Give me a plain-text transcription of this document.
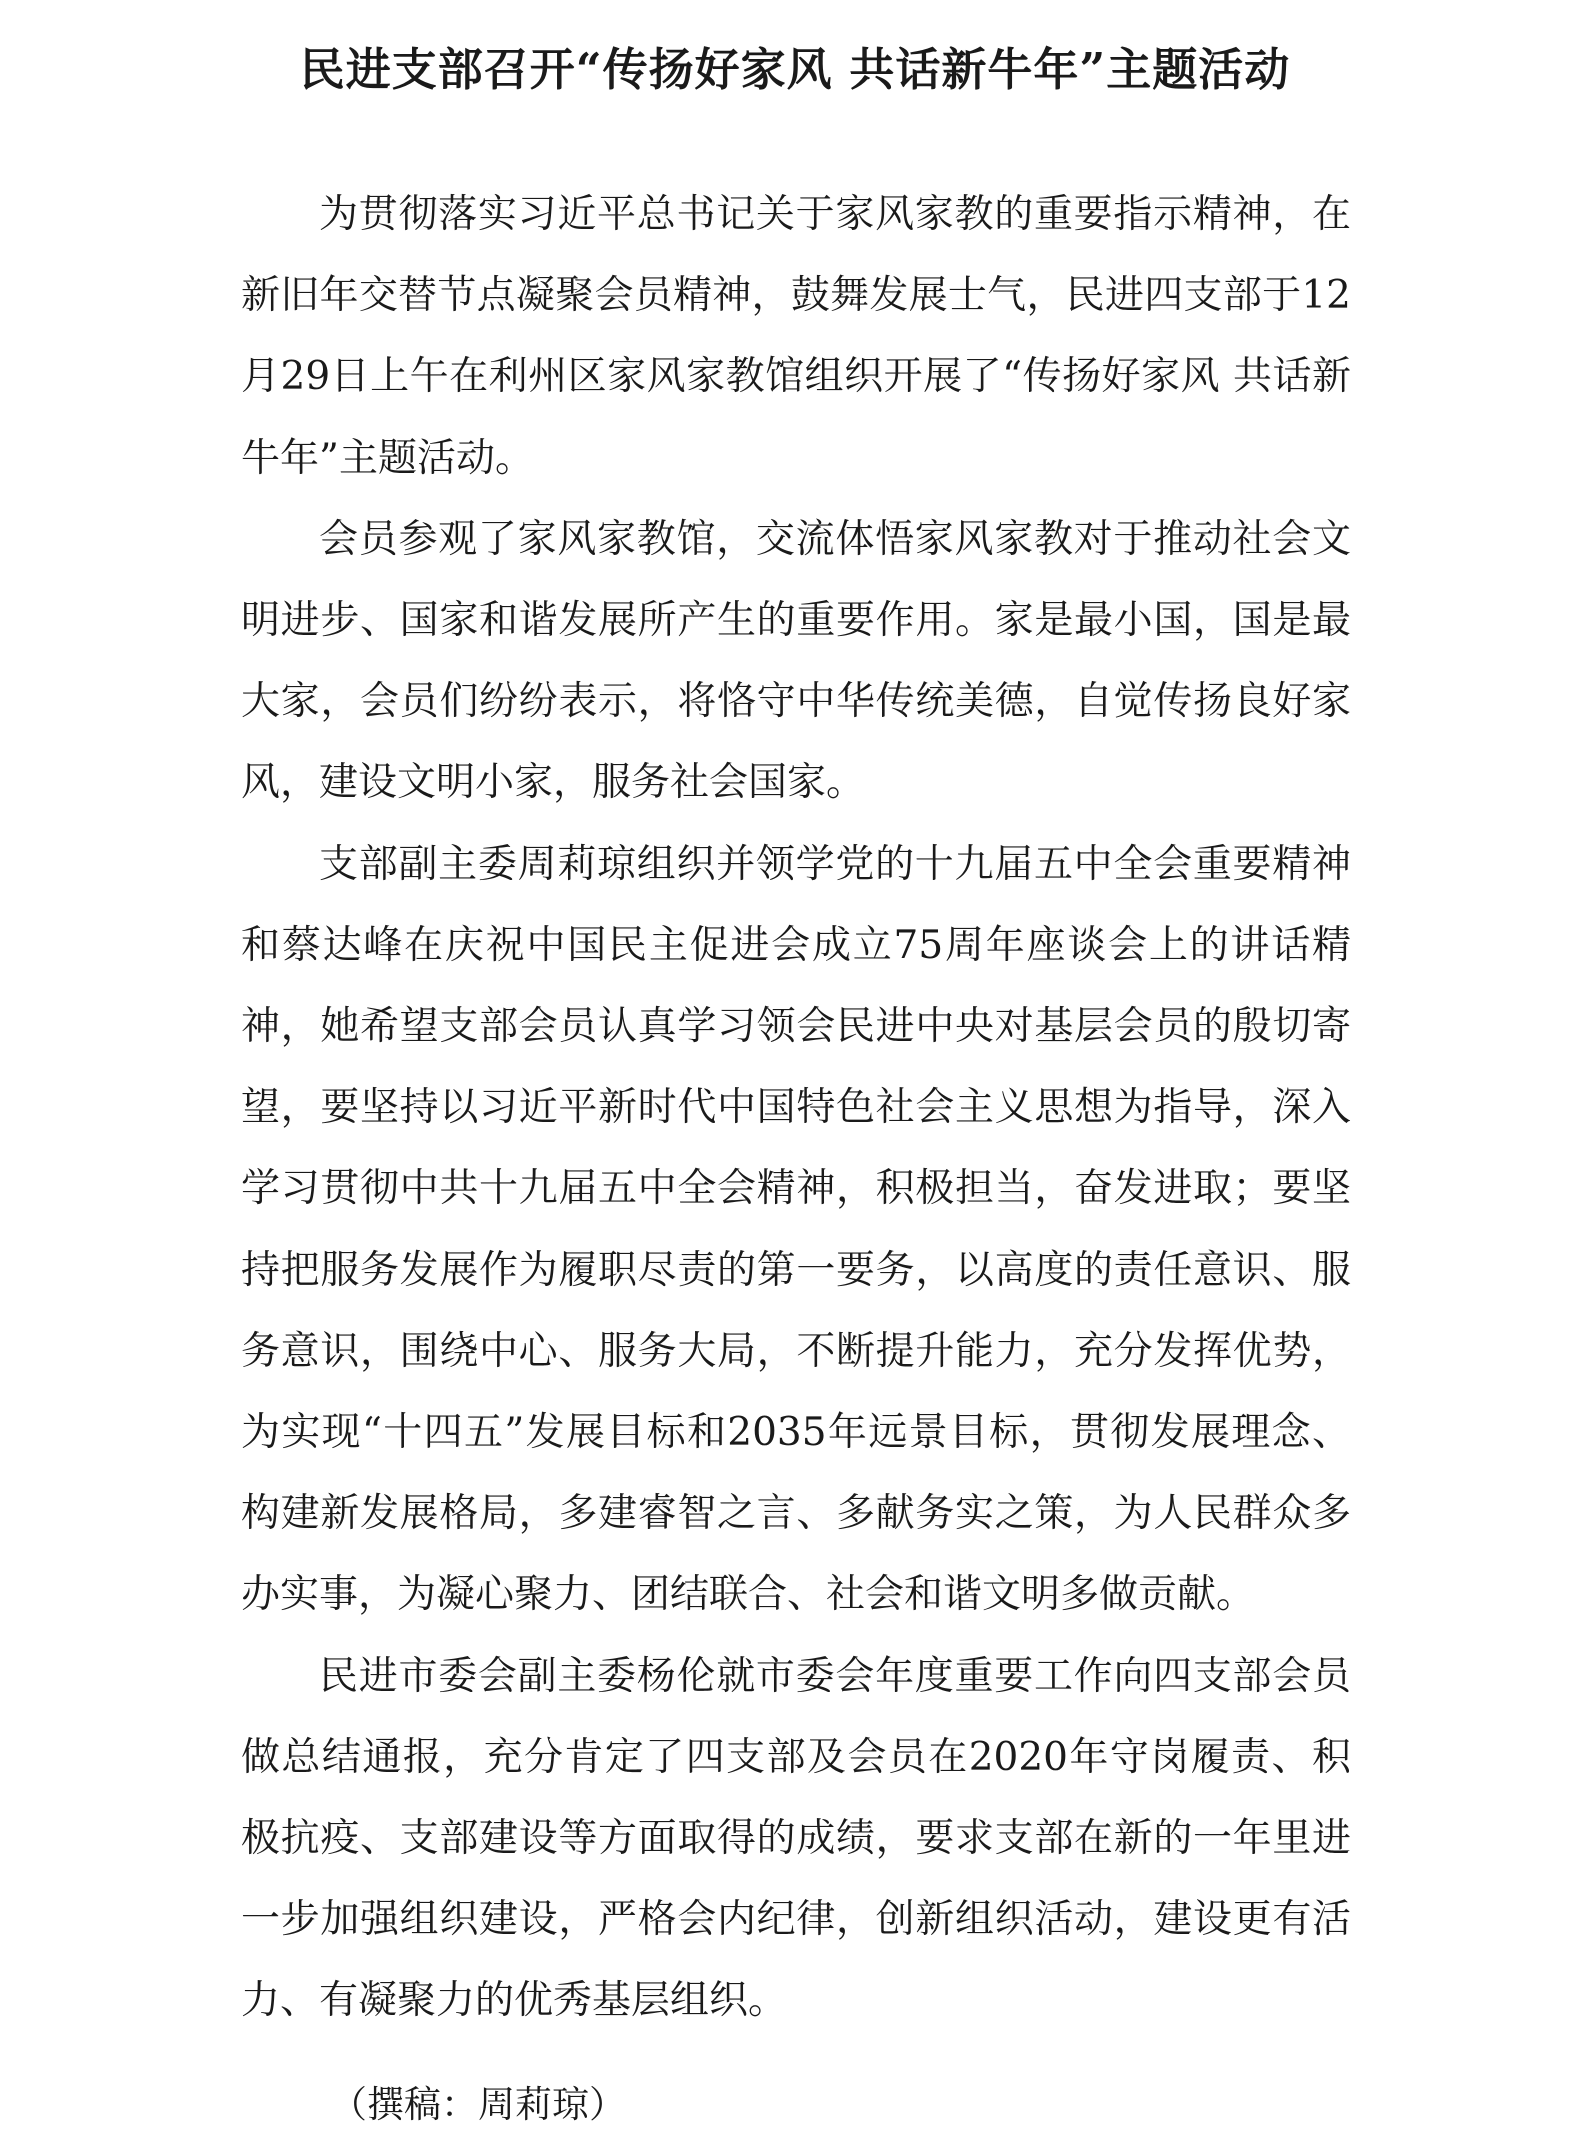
民进支部召开“传扬好家风 共话新牛年”主题活动

为贯彻落实习近平总书记关于家风家教的重要指示精神，在新旧年交替节点凝聚会员精神，鼓舞发展士气，民进四支部于12月29日上午在利州区家风家教馆组织开展了“传扬好家风 共话新牛年”主题活动。

会员参观了家风家教馆，交流体悟家风家教对于推动社会文明进步、国家和谐发展所产生的重要作用。家是最小国，国是最大家，会员们纷纷表示，将恪守中华传统美德，自觉传扬良好家风，建设文明小家，服务社会国家。

支部副主委周莉琼组织并领学党的十九届五中全会重要精神和蔡达峰在庆祝中国民主促进会成立75周年座谈会上的讲话精神，她希望支部会员认真学习领会民进中央对基层会员的殷切寄望，要坚持以习近平新时代中国特色社会主义思想为指导，深入学习贯彻中共十九届五中全会精神，积极担当，奋发进取；要坚持把服务发展作为履职尽责的第一要务，以高度的责任意识、服务意识，围绕中心、服务大局，不断提升能力，充分发挥优势，为实现“十四五”发展目标和2035年远景目标，贯彻发展理念、构建新发展格局，多建睿智之言、多献务实之策，为人民群众多办实事，为凝心聚力、团结联合、社会和谐文明多做贡献。

民进市委会副主委杨伦就市委会年度重要工作向四支部会员做总结通报，充分肯定了四支部及会员在2020年守岗履责、积极抗疫、支部建设等方面取得的成绩，要求支部在新的一年里进一步加强组织建设，严格会内纪律，创新组织活动，建设更有活力、有凝聚力的优秀基层组织。

（撰稿：周莉琼）
